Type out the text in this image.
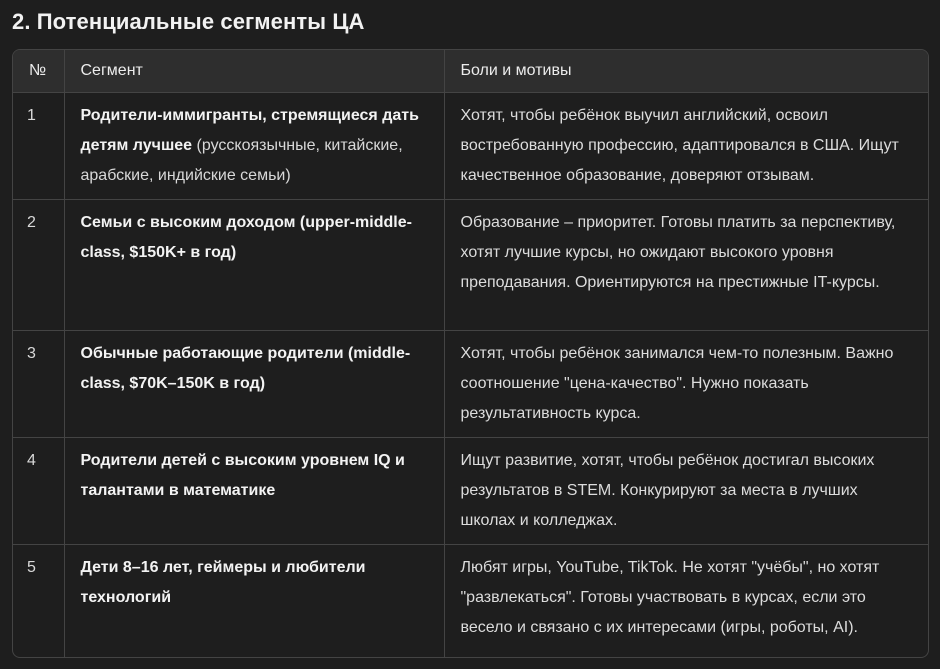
2. Потенциальные сегменты ЦА
№	Сегмент	Боли и мотивы
1	Родители-иммигранты, стремящиеся дать детям лучшее (русскоязычные, китайские, арабские, индийские семьи)	Хотят, чтобы ребёнок выучил английский, освоил востребованную профессию, адаптировался в США. Ищут качественное образование, доверяют отзывам.
2	Семьи с высоким доходом (upper-middle-class, $150K+ в год)	Образование – приоритет. Готовы платить за перспективу, хотят лучшие курсы, но ожидают высокого уровня преподавания. Ориентируются на престижные IT-курсы.
3	Обычные работающие родители (middle-class, $70K–150K в год)	Хотят, чтобы ребёнок занимался чем-то полезным. Важно соотношение "цена-качество". Нужно показать результативность курса.
4	Родители детей с высоким уровнем IQ и талантами в математике	Ищут развитие, хотят, чтобы ребёнок достигал высоких результатов в STEM. Конкурируют за места в лучших школах и колледжах.
5	Дети 8–16 лет, геймеры и любители технологий	Любят игры, YouTube, TikTok. Не хотят "учёбы", но хотят "развлекаться". Готовы участвовать в курсах, если это весело и связано с их интересами (игры, роботы, AI).
